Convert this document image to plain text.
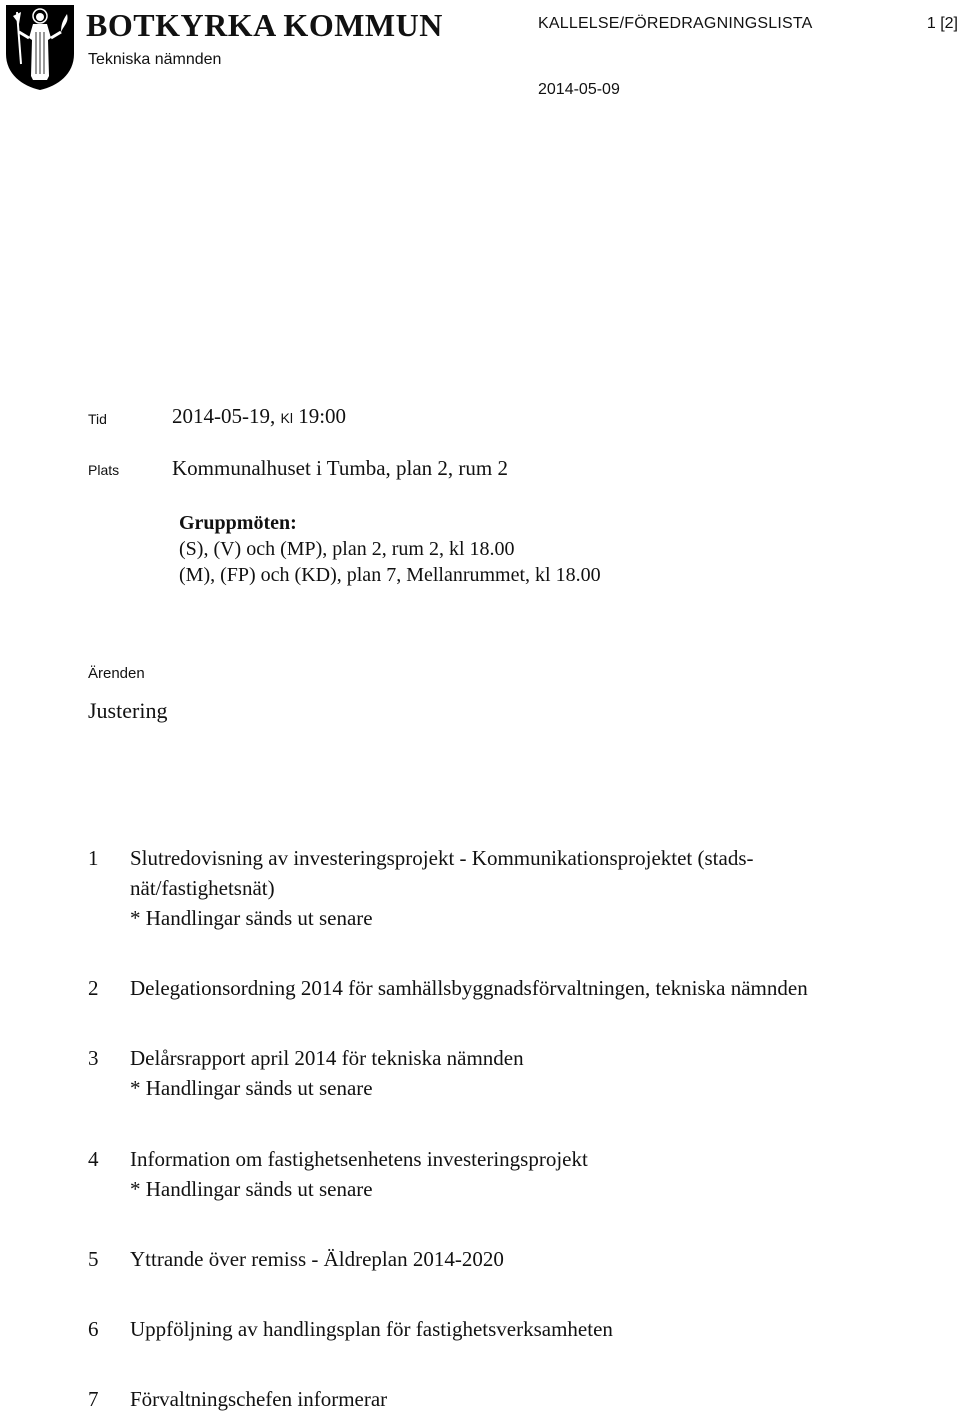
BOTKYRKA KOMMUN
Tekniska nämnden
KALLELSE/FÖREDRAGNINGSLISTA	1 [2]
2014-05-09
Tid	2014-05-19, Kl 19:00
Plats	Kommunalhuset i Tumba, plan 2, rum 2
Gruppmöten:
(S), (V) och (MP), plan 2, rum 2, kl 18.00
(M), (FP) och (KD), plan 7, Mellanrummet, kl 18.00
Ärenden
Justering
1	Slutredovisning av investeringsprojekt - Kommunikationsprojektet (stads-
nät/fastighetsnät)
* Handlingar sänds ut senare
2	Delegationsordning 2014 för samhällsbyggnadsförvaltningen, tekniska nämnden
3	Delårsrapport april 2014 för tekniska nämnden
* Handlingar sänds ut senare
4	Information om fastighetsenhetens investeringsprojekt
* Handlingar sänds ut senare
5	Yttrande över remiss - Äldreplan 2014-2020
6	Uppföljning av handlingsplan för fastighetsverksamheten
7	Förvaltningschefen informerar
